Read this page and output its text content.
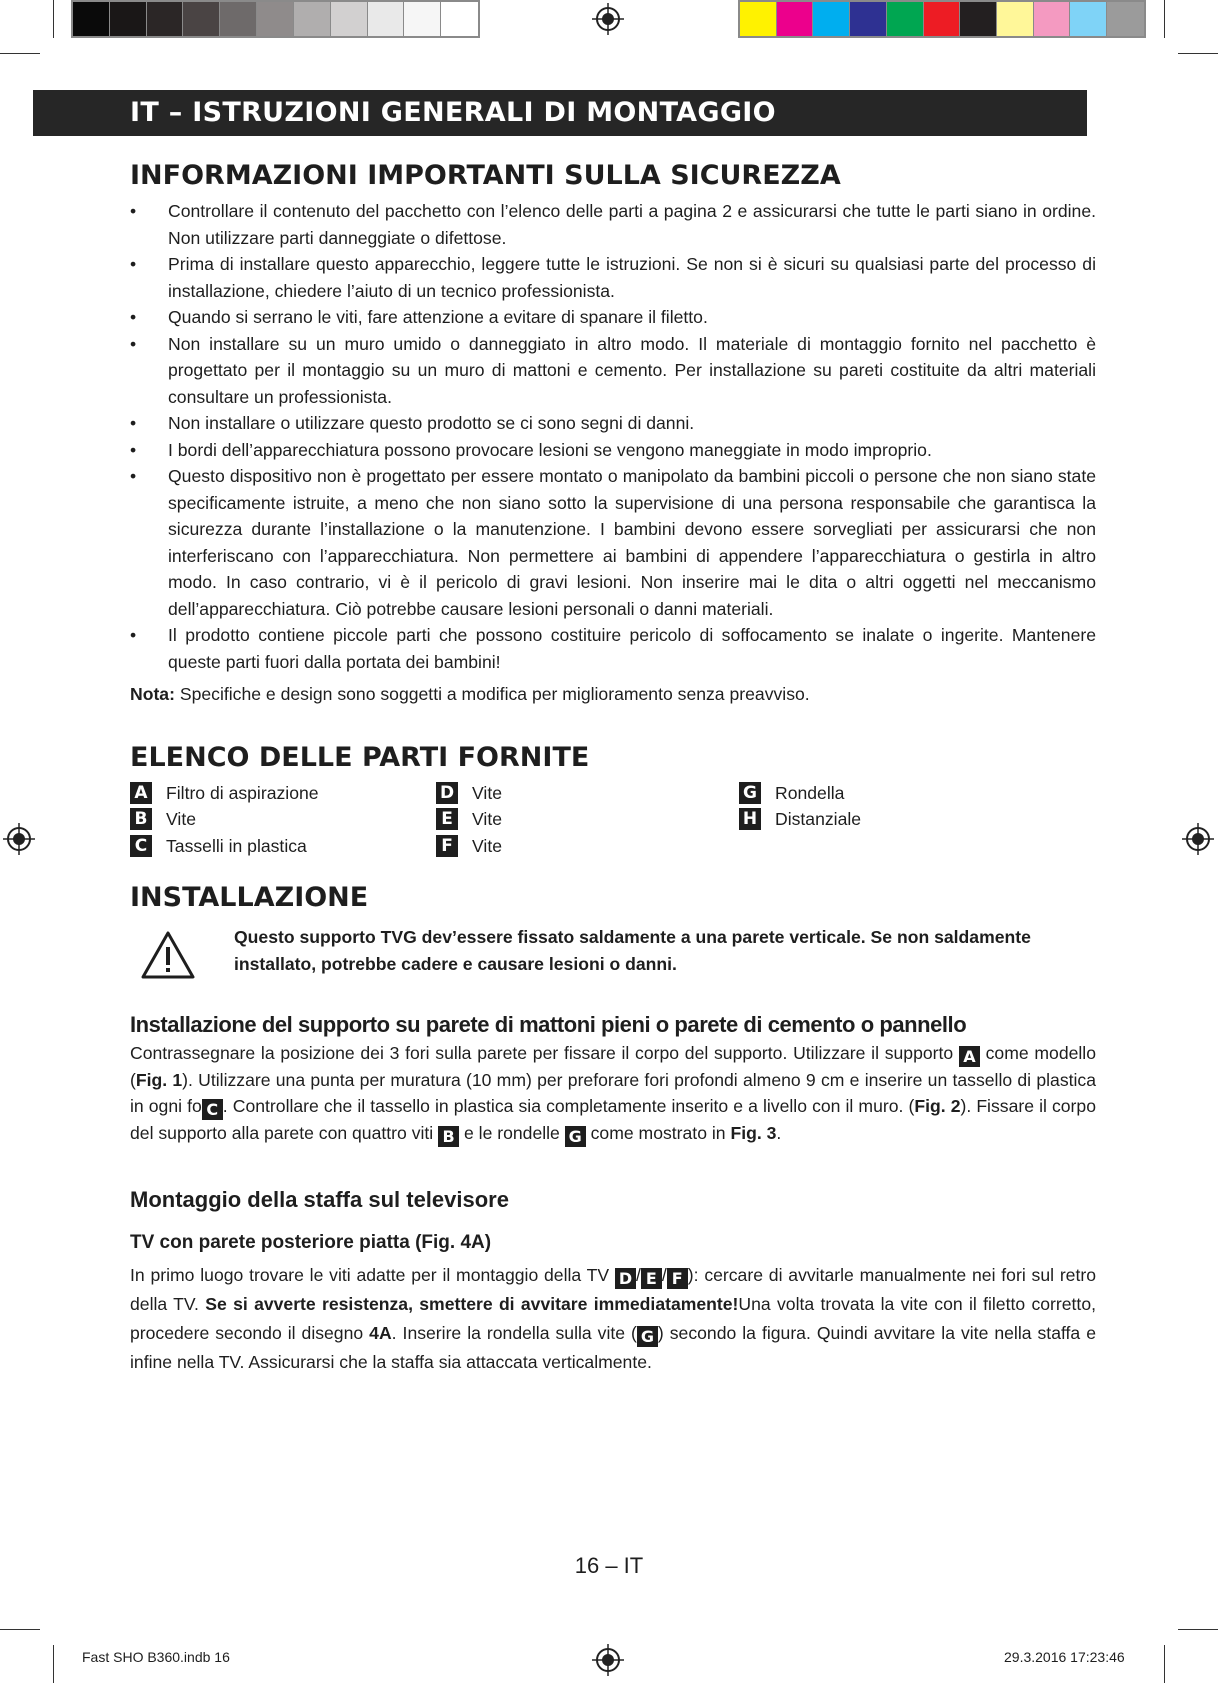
IT – ISTRUZIONI GENERALI DI MONTAGGIO
INFORMAZIONI IMPORTANTI SULLA SICUREZZA
• Controllare il contenuto del pacchetto con l’elenco delle parti a pagina 2 e assicurarsi che tutte le parti siano in ordine. Non utilizzare parti danneggiate o difettose.
• Prima di installare questo apparecchio, leggere tutte le istruzioni. Se non si è sicuri su qualsiasi parte del processo di installazione, chiedere l’aiuto di un tecnico professionista.
• Quando si serrano le viti, fare attenzione a evitare di spanare il filetto.
• Non installare su un muro umido o danneggiato in altro modo. Il materiale di montaggio fornito nel pacchetto è progettato per il montaggio su un muro di mattoni e cemento. Per installazione su pareti costituite da altri materiali consultare un professionista.
• Non installare o utilizzare questo prodotto se ci sono segni di danni.
• I bordi dell’apparecchiatura possono provocare lesioni se vengono maneggiate in modo improprio.
• Questo dispositivo non è progettato per essere montato o manipolato da bambini piccoli o persone che non siano state specificamente istruite, a meno che non siano sotto la supervisione di una persona responsabile che garantisca la sicurezza durante l’installazione o la manutenzione. I bambini devono essere sorvegliati per assicurarsi che non interferiscano con l’apparecchiatura. Non permettere ai bambini di appendere l’apparecchiatura o gestirla in altro modo. In caso contrario, vi è il pericolo di gravi lesioni. Non inserire mai le dita o altri oggetti nel meccanismo dell’apparecchiatura. Ciò potrebbe causare lesioni personali o danni materiali.
• Il prodotto contiene piccole parti che possono costituire pericolo di soffocamento se inalate o ingerite. Mantenere queste parti fuori dalla portata dei bambini!
Nota: Specifiche e design sono soggetti a modifica per miglioramento senza preavviso.
ELENCO DELLE PARTI FORNITE
A Filtro di aspirazione
B Vite
C Tasselli in plastica
D Vite
E Vite
F Vite
G Rondella
H Distanziale
INSTALLAZIONE
Questo supporto TVG dev’essere fissato saldamente a una parete verticale. Se non saldamente installato, potrebbe cadere e causare lesioni o danni.
Installazione del supporto su parete di mattoni pieni o parete di cemento o pannello

Contrassegnare la posizione dei 3 fori sulla parete per fissare il corpo del supporto. Utilizzare il supporto A come modello (Fig. 1). Utilizzare una punta per muratura (10 mm) per preforare fori profondi almeno 9 cm e inserire un tassello di plastica in ogni fo C . Controllare che il tassello in plastica sia completamente inserito e a livello con il muro. (Fig. 2). Fissare il corpo del supporto alla parete con quattro viti B e le rondelle G come mostrato in Fig. 3.

Montaggio della staffa sul televisore
TV con parete posteriore piatta (Fig. 4A)

In primo luogo trovare le viti adatte per il montaggio della TV D / E / F ): cercare di avvitarle manualmente nei fori sul retro della TV. Se si avverte resistenza, smettere di avvitare immediatamente!Una volta trovata la vite con il filetto corretto, procedere secondo il disegno 4A. Inserire la rondella sulla vite ( G ) secondo la figura. Quindi avvitare la vite nella staffa e infine nella TV. Assicurarsi che la staffa sia attaccata verticalmente.

16 – IT
Fast SHO B360.indb 16	29.3.2016 17:23:46
